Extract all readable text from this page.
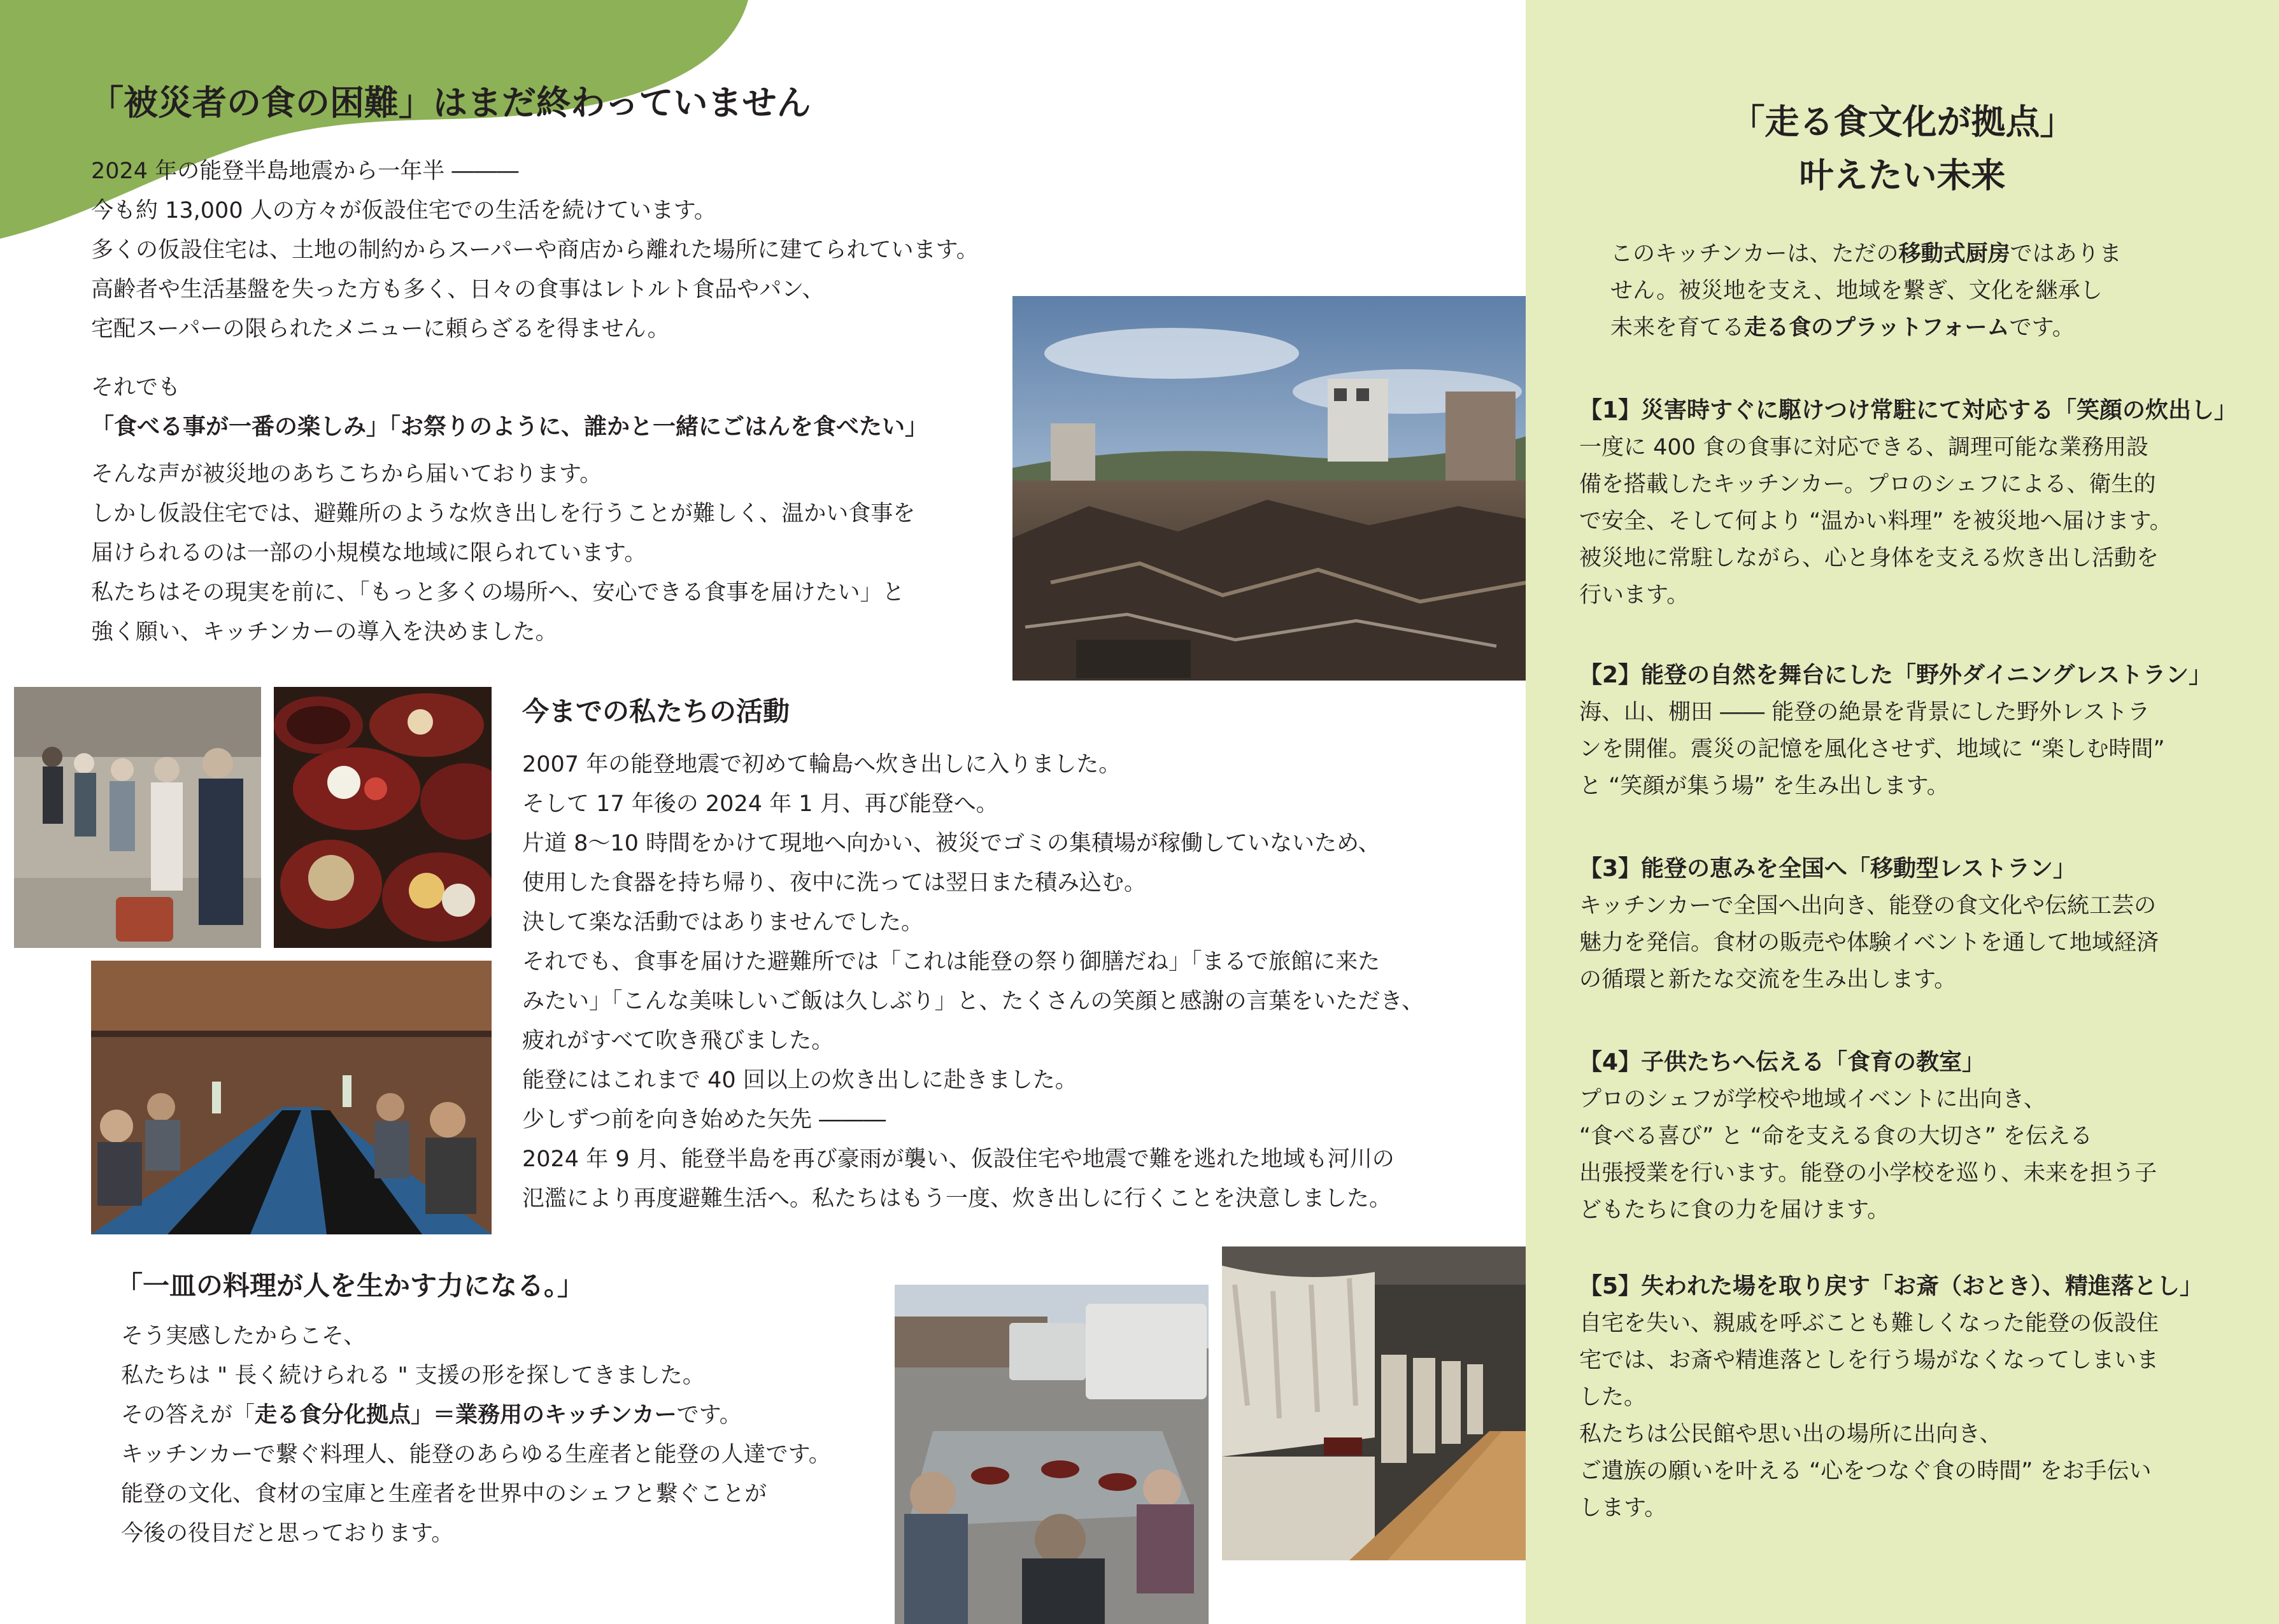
「被災者の食の困難」はまだ終わっていません

2024 年の能登半島地震から一年半 ―――

今も約 13,000 人の方々が仮設住宅での生活を続けています。

多くの仮設住宅は、土地の制約からスーパーや商店から離れた場所に建てられています。

高齢者や生活基盤を失った方も多く、日々の食事はレトルト食品やパン、

宅配スーパーの限られたメニューに頼らざるを得ません。

それでも

「食べる事が一番の楽しみ」「お祭りのように、誰かと一緒にごはんを食べたい」

そんな声が被災地のあちこちから届いております。

しかし仮設住宅では、避難所のような炊き出しを行うことが難しく、温かい食事を

届けられるのは一部の小規模な地域に限られています。

私たちはその現実を前に、「もっと多くの場所へ、安心できる食事を届けたい」と

強く願い、キッチンカーの導入を決めました。

今までの私たちの活動

2007 年の能登地震で初めて輪島へ炊き出しに入りました。

そして 17 年後の 2024 年 1 月、再び能登へ。

片道 8〜10 時間をかけて現地へ向かい、被災でゴミの集積場が稼働していないため、

使用した食器を持ち帰り、夜中に洗っては翌日また積み込む。

決して楽な活動ではありませんでした。

それでも、食事を届けた避難所では「これは能登の祭り御膳だね」「まるで旅館に来た

みたい」「こんな美味しいご飯は久しぶり」と、たくさんの笑顔と感謝の言葉をいただき、

疲れがすべて吹き飛びました。

能登にはこれまで 40 回以上の炊き出しに赴きました。

少しずつ前を向き始めた矢先 ―――

2024 年 9 月、能登半島を再び豪雨が襲い、仮設住宅や地震で難を逃れた地域も河川の

氾濫により再度避難生活へ。私たちはもう一度、炊き出しに行くことを決意しました。

「一皿の料理が人を生かす力になる。」

そう実感したからこそ、

私たちは " 長く続けられる " 支援の形を探してきました。

その答えが「走る食分化拠点」＝業務用のキッチンカーです。

キッチンカーで繋ぐ料理人、能登のあらゆる生産者と能登の人達です。

能登の文化、食材の宝庫と生産者を世界中のシェフと繋ぐことが

今後の役目だと思っております。

「走る食文化が拠点」
叶えたい未来

このキッチンカーは、ただの移動式厨房ではありま

せん。被災地を支え、地域を繋ぎ、文化を継承し

未来を育てる走る食のプラットフォームです。

【1】災害時すぐに駆けつけ常駐にて対応する「笑顔の炊出し」

一度に 400 食の食事に対応できる、調理可能な業務用設

備を搭載したキッチンカー。プロのシェフによる、衛生的

で安全、そして何より “温かい料理” を被災地へ届けます。

被災地に常駐しながら、心と身体を支える炊き出し活動を

行います。

【2】能登の自然を舞台にした「野外ダイニングレストラン」

海、山、棚田 ―― 能登の絶景を背景にした野外レストラ

ンを開催。震災の記憶を風化させず、地域に “楽しむ時間”

と “笑顔が集う場” を生み出します。

【3】能登の恵みを全国へ「移動型レストラン」

キッチンカーで全国へ出向き、能登の食文化や伝統工芸の

魅力を発信。食材の販売や体験イベントを通して地域経済

の循環と新たな交流を生み出します。

【4】子供たちへ伝える「食育の教室」

プロのシェフが学校や地域イベントに出向き、

“食べる喜び” と “命を支える食の大切さ” を伝える

出張授業を行います。能登の小学校を巡り、未来を担う子

どもたちに食の力を届けます。

【5】失われた場を取り戻す「お斎（おとき）、精進落とし」

自宅を失い、親戚を呼ぶことも難しくなった能登の仮設住

宅では、お斎や精進落としを行う場がなくなってしまいま

した。

私たちは公民館や思い出の場所に出向き、

ご遺族の願いを叶える “心をつなぐ食の時間” をお手伝い

します。
